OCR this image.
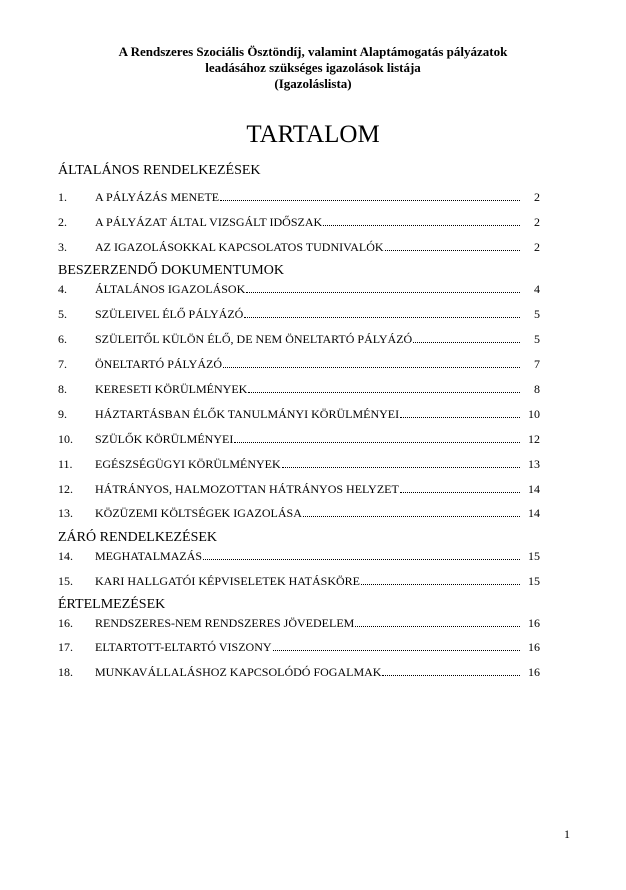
A Rendszeres Szociális Ösztöndíj, valamint Alaptámogatás pályázatok
leadásához szükséges igazolások listája
(Igazoláslista)
TARTALOM
ÁLTALÁNOS RENDELKEZÉSEK
1. A PÁLYÁZÁS MENETE	2
2. A PÁLYÁZAT ÁLTAL VIZSGÁLT IDŐSZAK	2
3. AZ IGAZOLÁSOKKAL KAPCSOLATOS TUDNIVALÓK	2
BESZERZENDŐ DOKUMENTUMOK
4. ÁLTALÁNOS IGAZOLÁSOK	4
5. SZÜLEIVEL ÉLŐ PÁLYÁZÓ	5
6. SZÜLEITŐL KÜLÖN ÉLŐ, DE NEM ÖNELTARTÓ PÁLYÁZÓ	5
7. ÖNELTARTÓ PÁLYÁZÓ	7
8. KERESETI KÖRÜLMÉNYEK	8
9. HÁZTARTÁSBAN ÉLŐK TANULMÁNYI KÖRÜLMÉNYEI	10
10. SZÜLŐK KÖRÜLMÉNYEI	12
11. EGÉSZSÉGÜGYI KÖRÜLMÉNYEK	13
12. HÁTRÁNYOS, HALMOZOTTAN HÁTRÁNYOS HELYZET	14
13. KÖZÜZEMI KÖLTSÉGEK IGAZOLÁSA	14
ZÁRÓ RENDELKEZÉSEK
14. MEGHATALMAZÁS	15
15. KARI HALLGATÓI KÉPVISELETEK HATÁSKÖRE	15
ÉRTELMEZÉSEK
16. RENDSZERES-NEM RENDSZERES JÖVEDELEM	16
17. ELTARTOTT-ELTARTÓ VISZONY	16
18. MUNKAVÁLLALÁSHOZ KAPCSOLÓDÓ FOGALMAK	16
1
